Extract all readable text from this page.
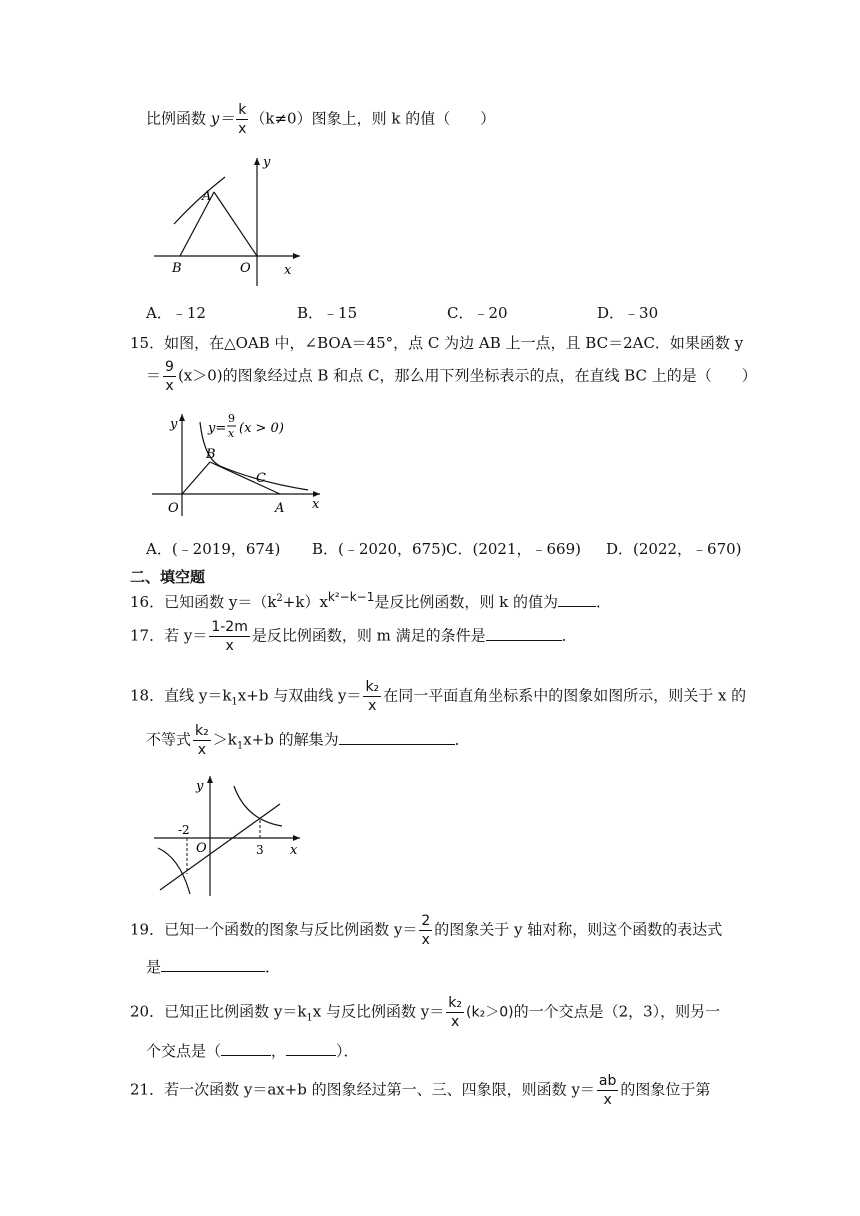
比例函数 $y= \frac{k}{x} (k\ne 0)$图象上，则 k 的值（　　）
A
B	O	x
y
A．﹣12	B．﹣15	C．﹣20	D．﹣30
15．如图，在△OAB 中，∠BOA＝45°，点 C 为边 AB 上一点，且 BC＝2AC．如果函数 y
＝ $\frac{9}{x} (x>0)$的图象经过点 B 和点 C，那么用下列坐标表示的点，在直线 BC 上的是（　　）
y y=
9
x (x > 0)
B
C
O	A x
A．(﹣2019，674) B．(﹣2020，675) C．(2021，﹣669) D．(2022，﹣670)
二、填空题
16．已知函数 $y=(k^2+k)x^{k^2-k-1}$是反比例函数，则 k 的值为	．
17．若 $y= \frac{1-2m}{x}$ 是反比例函数，则 m 满足的条件是	．
18．直线 $y=k_1x+b$ 与双曲线 $y= \frac{\text{k₂}}{x}$ 在同一平面直角坐标系中的图象如图所示，则关于 x 的
不等式 $\frac{\text{k₂}}{x} >k_1x+b$ 的解集为	．
y
x
O
-2
3
19．已知一个函数的图象与反比例函数 $y= \frac{2}{x}$ 的图象关于 y 轴对称，则这个函数的表达式
是	．
20．已知正比例函数 $y=k_1x$ 与反比例函数 $y= \frac{\text{k₂}}{x} (k_2>0)$的一个交点是（2，3），则另一
个交点是（	，	）．
21．若一次函数 y＝ax+b 的图象经过第一、三、四象限，则函数 $y= \frac{ab}{x}$ 的图象位于第
